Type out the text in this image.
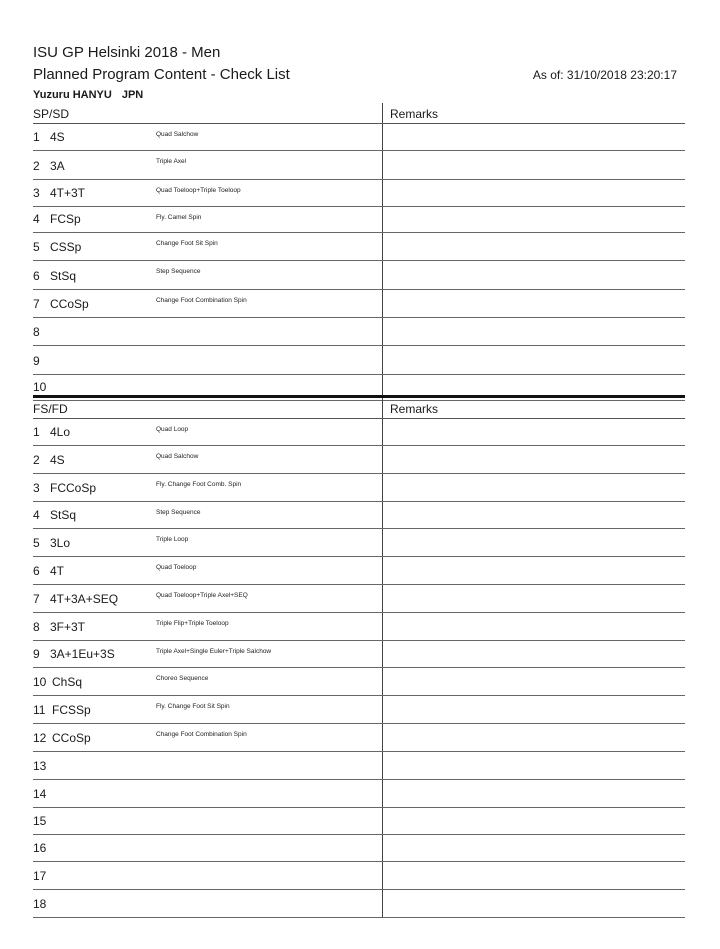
ISU GP Helsinki 2018 - Men
Planned Program Content - Check List	As of: 31/10/2018 23:20:17
Yuzuru HANYU JPN
SP/SD	Remarks
1 4S	Quad Salchow
2 3A	Triple Axel
3 4T+3T	Quad Toeloop+Triple Toeloop
4 FCSp	Fly. Camel Spin
5 CSSp	Change Foot Sit Spin
6 StSq	Step Sequence
7 CCoSp	Change Foot Combination Spin
8
9
10
FS/FD	Remarks
1 4Lo	Quad Loop
2 4S	Quad Salchow
3 FCCoSp	Fly. Change Foot Comb. Spin
4 StSq	Step Sequence
5 3Lo	Triple Loop
6 4T	Quad Toeloop
7 4T+3A+SEQ	Quad Toeloop+Triple Axel+SEQ
8 3F+3T	Triple Flip+Triple Toeloop
9 3A+1Eu+3S	Triple Axel+Single Euler+Triple Salchow
10 ChSq	Choreo Sequence
11 FCSSp	Fly. Change Foot Sit Spin
12 CCoSp	Change Foot Combination Spin
13
14
15
16
17
18
